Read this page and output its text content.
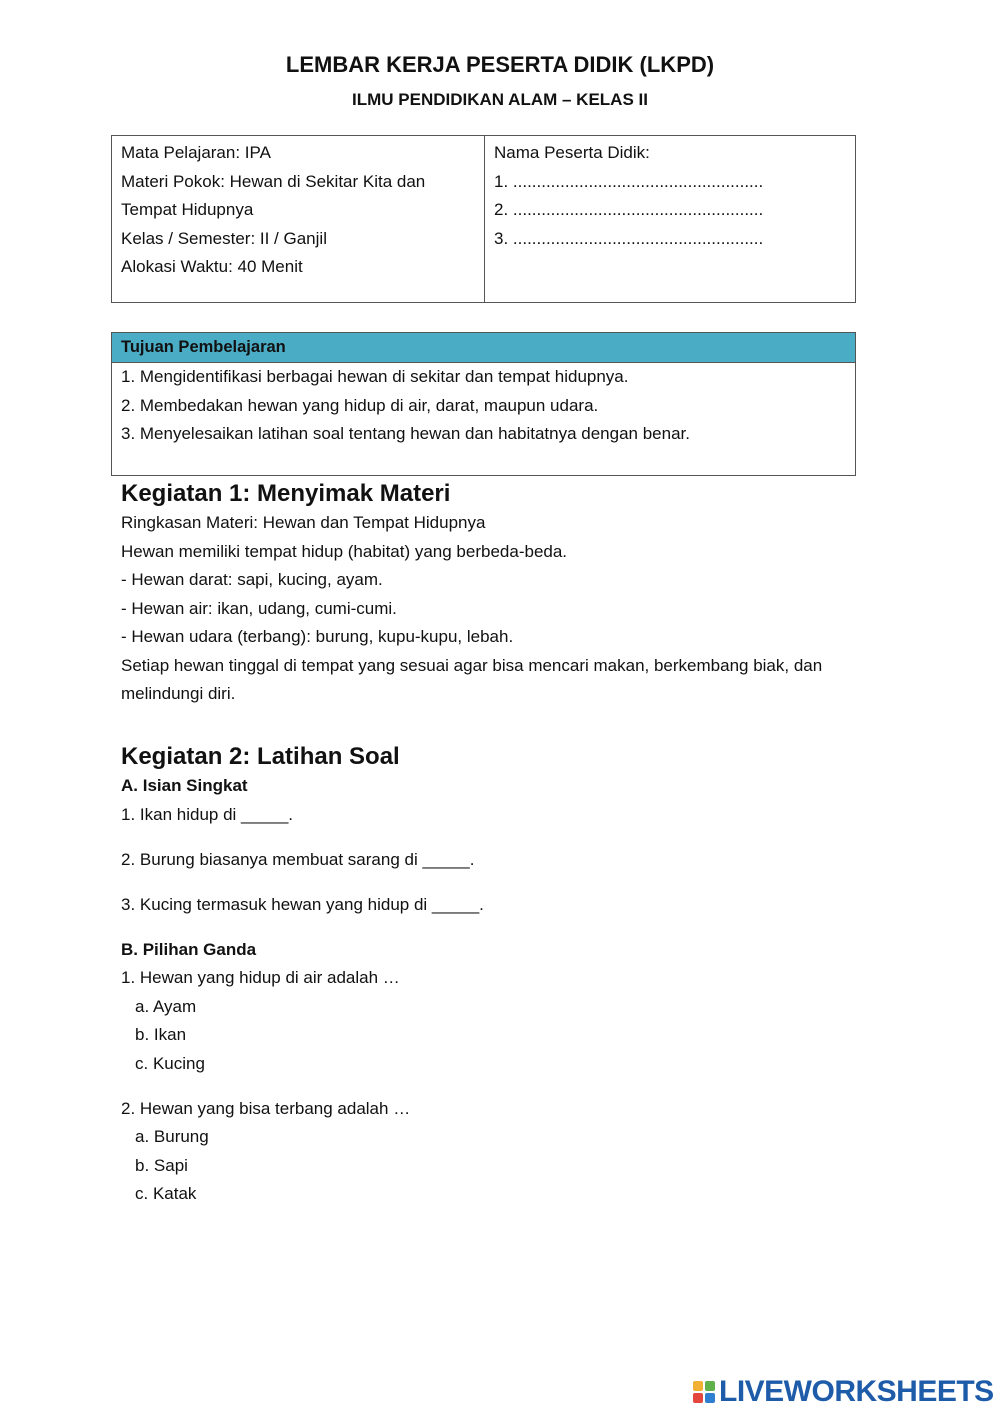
LEMBAR KERJA PESERTA DIDIK (LKPD)
ILMU PENDIDIKAN ALAM – KELAS II
Mata Pelajaran: IPA
Materi Pokok: Hewan di Sekitar Kita dan
Tempat Hidupnya
Kelas / Semester: II / Ganjil
Alokasi Waktu: 40 Menit
Nama Peserta Didik:
1. .....................................................
2. .....................................................
3. .....................................................
Tujuan Pembelajaran
1. Mengidentifikasi berbagai hewan di sekitar dan tempat hidupnya.
2. Membedakan hewan yang hidup di air, darat, maupun udara.
3. Menyelesaikan latihan soal tentang hewan dan habitatnya dengan benar.
Kegiatan 1: Menyimak Materi
Ringkasan Materi: Hewan dan Tempat Hidupnya
Hewan memiliki tempat hidup (habitat) yang berbeda-beda.
- Hewan darat: sapi, kucing, ayam.
- Hewan air: ikan, udang, cumi-cumi.
- Hewan udara (terbang): burung, kupu-kupu, lebah.
Setiap hewan tinggal di tempat yang sesuai agar bisa mencari makan, berkembang biak, dan melindungi diri.
Kegiatan 2: Latihan Soal
A. Isian Singkat
1. Ikan hidup di _____.
2. Burung biasanya membuat sarang di _____.
3. Kucing termasuk hewan yang hidup di _____.
B. Pilihan Ganda
1. Hewan yang hidup di air adalah …
a. Ayam
b. Ikan
c. Kucing
2. Hewan yang bisa terbang adalah …
a. Burung
b. Sapi
c. Katak
LIVEWORKSHEETS
